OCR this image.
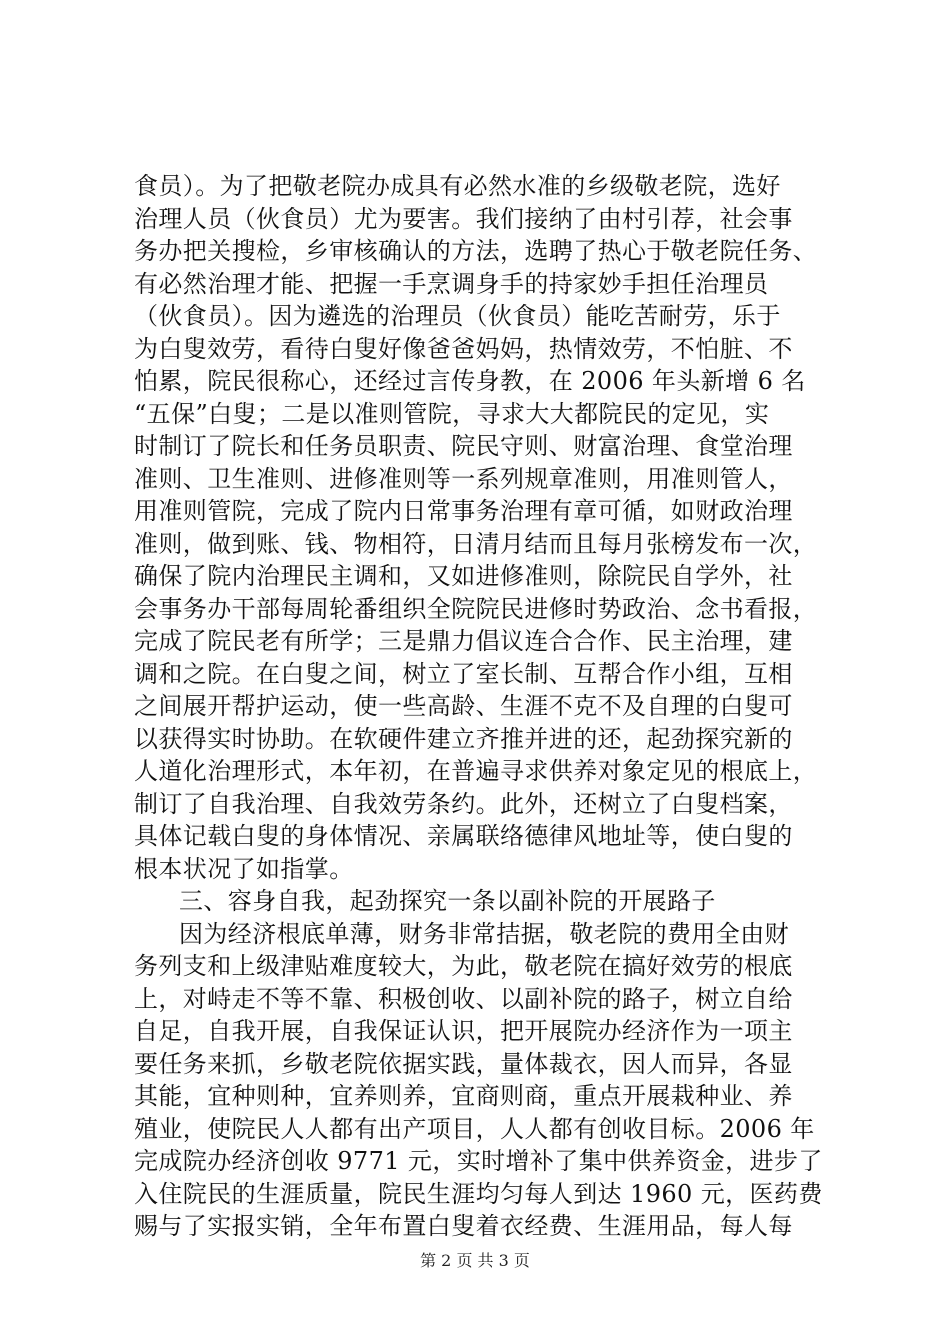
食员）。为了把敬老院办成具有必然水准的乡级敬老院，选好
治理人员（伙食员）尤为要害。我们接纳了由村引荐，社会事
务办把关搜检，乡审核确认的方法，选聘了热心于敬老院任务、
有必然治理才能、把握一手烹调身手的持家妙手担任治理员
（伙食员）。因为遴选的治理员（伙食员）能吃苦耐劳，乐于
为白叟效劳，看待白叟好像爸爸妈妈，热情效劳，不怕脏、不
怕累，院民很称心，还经过言传身教，在 2006 年头新增 6 名
“五保”白叟；二是以准则管院，寻求大大都院民的定见，实
时制订了院长和任务员职责、院民守则、财富治理、食堂治理
准则、卫生准则、进修准则等一系列规章准则，用准则管人，
用准则管院，完成了院内日常事务治理有章可循，如财政治理
准则，做到账、钱、物相符，日清月结而且每月张榜发布一次，
确保了院内治理民主调和，又如进修准则，除院民自学外，社
会事务办干部每周轮番组织全院院民进修时势政治、念书看报，
完成了院民老有所学；三是鼎力倡议连合合作、民主治理，建
调和之院。在白叟之间，树立了室长制、互帮合作小组，互相
之间展开帮护运动，使一些高龄、生涯不克不及自理的白叟可
以获得实时协助。在软硬件建立齐推并进的还，起劲探究新的
人道化治理形式，本年初，在普遍寻求供养对象定见的根底上，
制订了自我治理、自我效劳条约。此外，还树立了白叟档案，
具体记载白叟的身体情况、亲属联络德律风地址等，使白叟的
根本状况了如指掌。
三、容身自我，起劲探究一条以副补院的开展路子
因为经济根底单薄，财务非常拮据，敬老院的费用全由财
务列支和上级津贴难度较大，为此，敬老院在搞好效劳的根底
上，对峙走不等不靠、积极创收、以副补院的路子，树立自给
自足，自我开展，自我保证认识，把开展院办经济作为一项主
要任务来抓，乡敬老院依据实践，量体裁衣，因人而异，各显
其能，宜种则种，宜养则养，宜商则商，重点开展栽种业、养
殖业，使院民人人都有出产项目，人人都有创收目标。2006 年
完成院办经济创收 9771 元，实时增补了集中供养资金，进步了
入住院民的生涯质量，院民生涯均匀每人到达 1960 元，医药费
赐与了实报实销，全年布置白叟着衣经费、生涯用品，每人每
第 2 页 共 3 页
